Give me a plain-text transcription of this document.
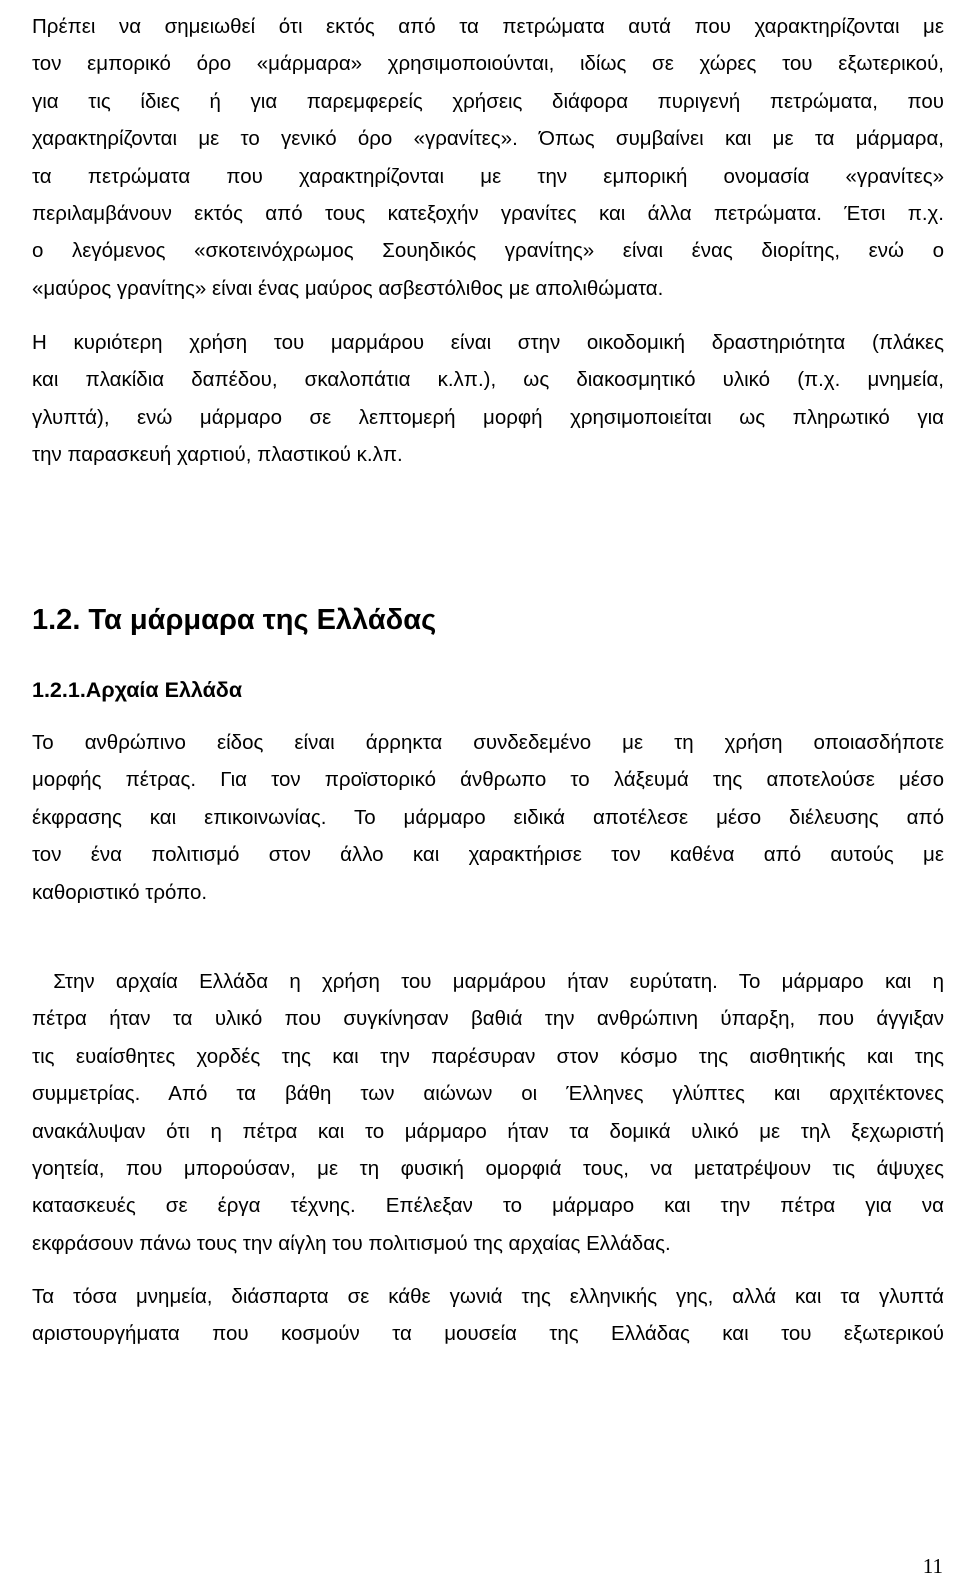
Πρέπει να σημειωθεί ότι εκτός από τα πετρώματα αυτά που χαρακτηρίζονται με
τον εμπορικό όρο «μάρμαρα» χρησιμοποιούνται, ιδίως σε χώρες του εξωτερικού,
για τις ίδιες ή για παρεμφερείς χρήσεις διάφορα πυριγενή πετρώματα, που
χαρακτηρίζονται με το γενικό όρο «γρανίτες». Όπως συμβαίνει και με τα μάρμαρα,
τα πετρώματα που χαρακτηρίζονται με την εμπορική ονομασία «γρανίτες»
περιλαμβάνουν εκτός από τους κατεξοχήν γρανίτες και άλλα πετρώματα. Έτσι π.χ.
ο λεγόμενος «σκοτεινόχρωμος Σουηδικός γρανίτης» είναι ένας διορίτης, ενώ ο
«μαύρος γρανίτης» είναι ένας μαύρος ασβεστόλιθος με απολιθώματα.
Η κυριότερη χρήση του μαρμάρου είναι στην οικοδομική δραστηριότητα (πλάκες
και πλακίδια δαπέδου, σκαλοπάτια κ.λπ.), ως διακοσμητικό υλικό (π.χ. μνημεία,
γλυπτά), ενώ μάρμαρο σε λεπτομερή μορφή χρησιμοποιείται ως πληρωτικό για
την παρασκευή χαρτιού, πλαστικού κ.λπ.
1.2. Τα μάρμαρα της Ελλάδας
1.2.1.Αρχαία Ελλάδα
Το ανθρώπινο είδος είναι άρρηκτα συνδεδεμένο με τη χρήση οποιασδήποτε
μορφής πέτρας. Για τον προϊστορικό άνθρωπο το λάξευμά της αποτελούσε μέσο
έκφρασης και επικοινωνίας. Το μάρμαρο ειδικά αποτέλεσε μέσο διέλευσης από
τον ένα πολιτισμό στον άλλο και χαρακτήρισε τον καθένα από αυτούς με
καθοριστικό τρόπο.
Στην αρχαία Ελλάδα η χρήση του μαρμάρου ήταν ευρύτατη. Το μάρμαρο και η
πέτρα ήταν τα υλικό που συγκίνησαν βαθιά την ανθρώπινη ύπαρξη, που άγγιξαν
τις ευαίσθητες χορδές της και την παρέσυραν στον κόσμο της αισθητικής και της
συμμετρίας. Από τα βάθη των αιώνων οι Έλληνες γλύπτες και αρχιτέκτονες
ανακάλυψαν ότι η πέτρα και το μάρμαρο ήταν τα δομικά υλικό με τηλ ξεχωριστή
γοητεία, που μπορούσαν, με τη φυσική ομορφιά τους, να μετατρέψουν τις άψυχες
κατασκευές σε έργα τέχνης. Επέλεξαν το μάρμαρο και την πέτρα για να
εκφράσουν πάνω τους την αίγλη του πολιτισμού της αρχαίας Ελλάδας.
Τα τόσα μνημεία, διάσπαρτα σε κάθε γωνιά της ελληνικής γης, αλλά και τα γλυπτά
αριστουργήματα που κοσμούν τα μουσεία της Ελλάδας και του εξωτερικού
11
